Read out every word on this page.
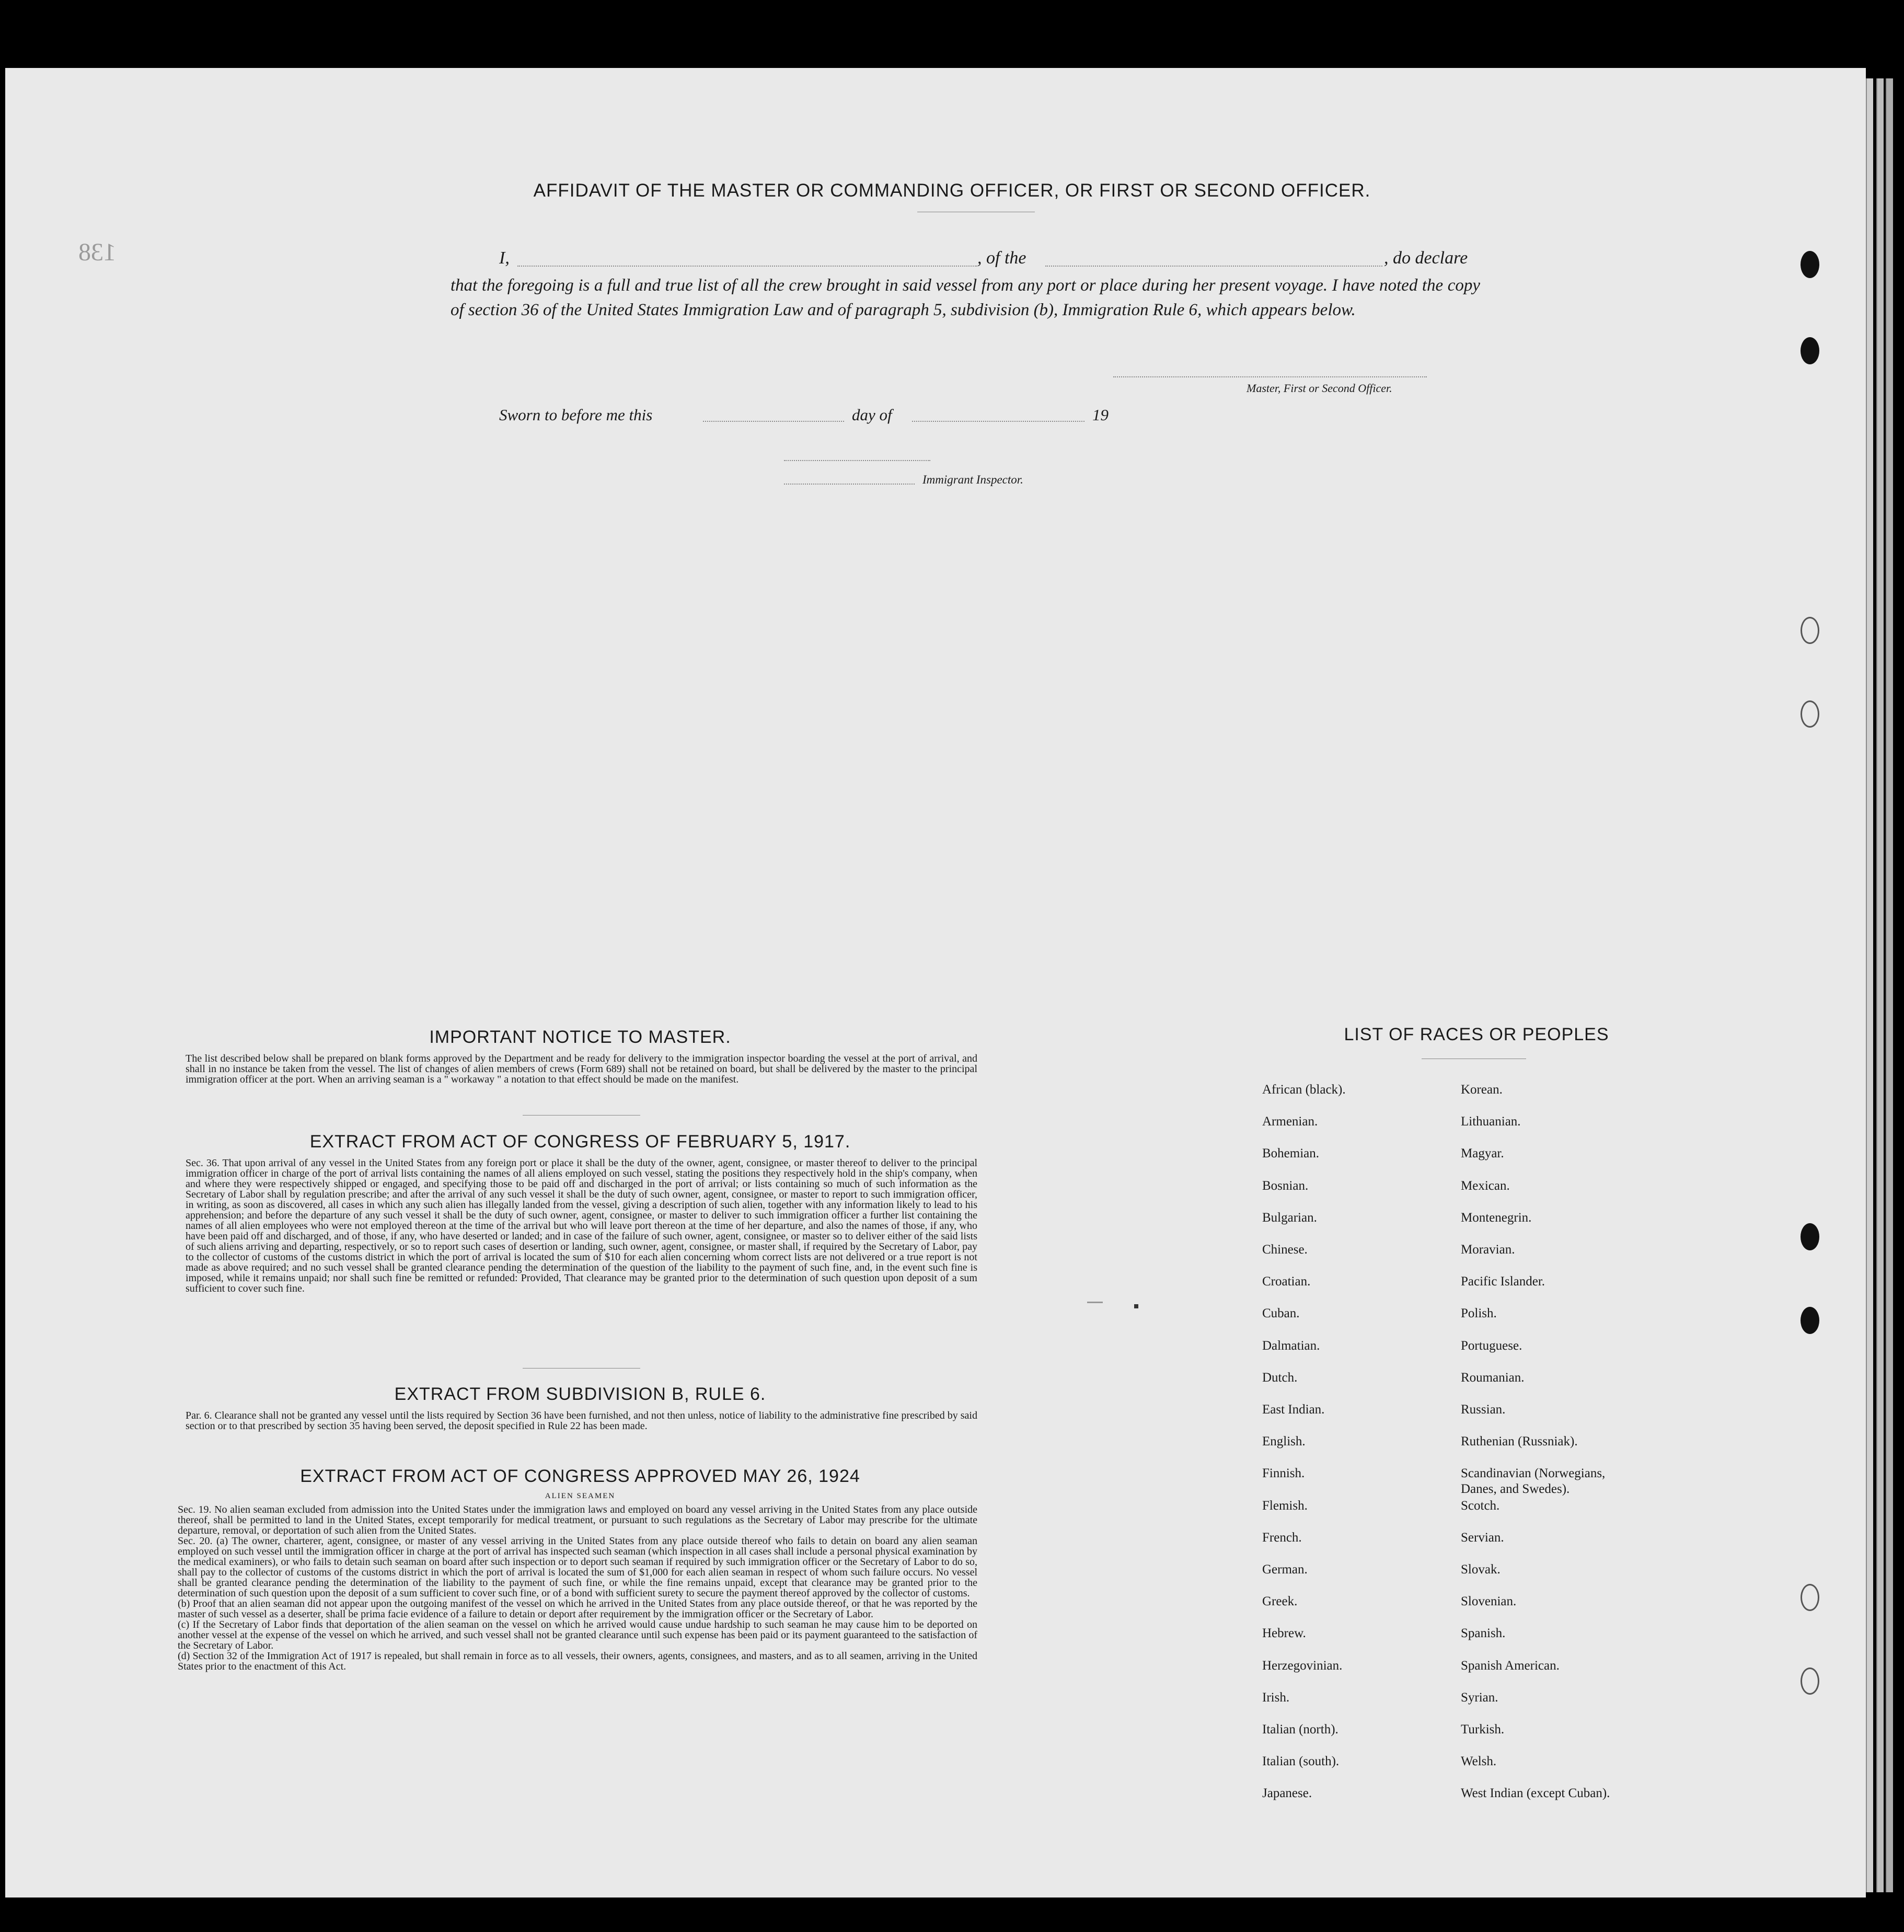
138
AFFIDAVIT OF THE MASTER OR COMMANDING OFFICER, OR FIRST OR SECOND OFFICER.
I,	, of the	, do declare
that the foregoing is a full and true list of all the crew brought in said vessel from any port or place during her present voyage. I have noted the copy of section 36 of the United States Immigration Law and of paragraph 5, subdivision (b), Immigration Rule 6, which appears below.
Master, First or Second Officer.
Sworn to before me this	day of	19
Immigrant Inspector.
IMPORTANT NOTICE TO MASTER.
The list described below shall be prepared on blank forms approved by the Department and be ready for delivery to the immigration inspector boarding the vessel at the port of arrival, and shall in no instance be taken from the vessel. The list of changes of alien members of crews (Form 689) shall not be retained on board, but shall be delivered by the master to the principal immigration officer at the port. When an arriving seaman is a " workaway " a notation to that effect should be made on the manifest.
EXTRACT FROM ACT OF CONGRESS OF FEBRUARY 5, 1917.
Sec. 36. That upon arrival of any vessel in the United States from any foreign port or place it shall be the duty of the owner, agent, consignee, or master thereof to deliver to the principal immigration officer in charge of the port of arrival lists containing the names of all aliens employed on such vessel, stating the positions they respectively hold in the ship's company, when and where they were respectively shipped or engaged, and specifying those to be paid off and discharged in the port of arrival; or lists containing so much of such information as the Secretary of Labor shall by regulation prescribe; and after the arrival of any such vessel it shall be the duty of such owner, agent, consignee, or master to report to such immigration officer, in writing, as soon as discovered, all cases in which any such alien has illegally landed from the vessel, giving a description of such alien, together with any information likely to lead to his apprehension; and before the departure of any such vessel it shall be the duty of such owner, agent, consignee, or master to deliver to such immigration officer a further list containing the names of all alien employees who were not employed thereon at the time of the arrival but who will leave port thereon at the time of her departure, and also the names of those, if any, who have been paid off and discharged, and of those, if any, who have deserted or landed; and in case of the failure of such owner, agent, consignee, or master so to deliver either of the said lists of such aliens arriving and departing, respectively, or so to report such cases of desertion or landing, such owner, agent, consignee, or master shall, if required by the Secretary of Labor, pay to the collector of customs of the customs district in which the port of arrival is located the sum of $10 for each alien concerning whom correct lists are not delivered or a true report is not made as above required; and no such vessel shall be granted clearance pending the determination of the question of the liability to the payment of such fine, and, in the event such fine is imposed, while it remains unpaid; nor shall such fine be remitted or refunded: Provided, That clearance may be granted prior to the determination of such question upon deposit of a sum sufficient to cover such fine.
EXTRACT FROM SUBDIVISION B, RULE 6.
Par. 6. Clearance shall not be granted any vessel until the lists required by Section 36 have been furnished, and not then unless, notice of liability to the administrative fine prescribed by said section or to that prescribed by section 35 having been served, the deposit specified in Rule 22 has been made.
EXTRACT FROM ACT OF CONGRESS APPROVED MAY 26, 1924
ALIEN SEAMEN
Sec. 19. No alien seaman excluded from admission into the United States under the immigration laws and employed on board any vessel arriving in the United States from any place outside thereof, shall be permitted to land in the United States, except temporarily for medical treatment, or pursuant to such regulations as the Secretary of Labor may prescribe for the ultimate departure, removal, or deportation of such alien from the United States.
Sec. 20. (a) The owner, charterer, agent, consignee, or master of any vessel arriving in the United States from any place outside thereof who fails to detain on board any alien seaman employed on such vessel until the immigration officer in charge at the port of arrival has inspected such seaman (which inspection in all cases shall include a personal physical examination by the medical examiners), or who fails to detain such seaman on board after such inspection or to deport such seaman if required by such immigration officer or the Secretary of Labor to do so, shall pay to the collector of customs of the customs district in which the port of arrival is located the sum of $1,000 for each alien seaman in respect of whom such failure occurs. No vessel shall be granted clearance pending the determination of the liability to the payment of such fine, or while the fine remains unpaid, except that clearance may be granted prior to the determination of such question upon the deposit of a sum sufficient to cover such fine, or of a bond with sufficient surety to secure the payment thereof approved by the collector of customs.
(b) Proof that an alien seaman did not appear upon the outgoing manifest of the vessel on which he arrived in the United States from any place outside thereof, or that he was reported by the master of such vessel as a deserter, shall be prima facie evidence of a failure to detain or deport after requirement by the immigration officer or the Secretary of Labor.
(c) If the Secretary of Labor finds that deportation of the alien seaman on the vessel on which he arrived would cause undue hardship to such seaman he may cause him to be deported on another vessel at the expense of the vessel on which he arrived, and such vessel shall not be granted clearance until such expense has been paid or its payment guaranteed to the satisfaction of the Secretary of Labor.
(d) Section 32 of the Immigration Act of 1917 is repealed, but shall remain in force as to all vessels, their owners, agents, consignees, and masters, and as to all seamen, arriving in the United States prior to the enactment of this Act.
LIST OF RACES OR PEOPLES
African (black).
Armenian.
Bohemian.
Bosnian.
Bulgarian.
Chinese.
Croatian.
Cuban.
Dalmatian.
Dutch.
East Indian.
English.
Finnish.
Flemish.
French.
German.
Greek.
Hebrew.
Herzegovinian.
Irish.
Italian (north).
Italian (south).
Japanese.
Korean.
Lithuanian.
Magyar.
Mexican.
Montenegrin.
Moravian.
Pacific Islander.
Polish.
Portuguese.
Roumanian.
Russian.
Ruthenian (Russniak).
Scandinavian (Norwegians,
Danes, and Swedes).
Scotch.
Servian.
Slovak.
Slovenian.
Spanish.
Spanish American.
Syrian.
Turkish.
Welsh.
West Indian (except Cuban).
